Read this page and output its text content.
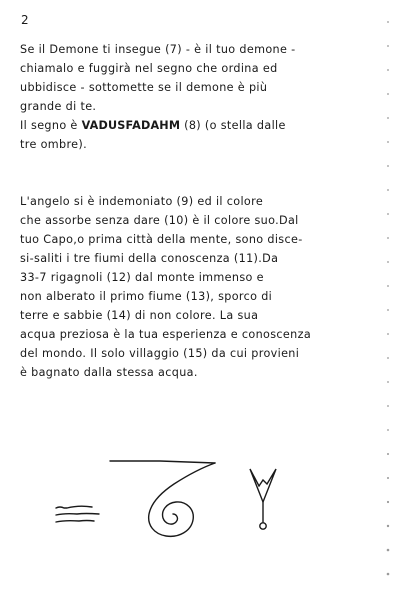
2

Se il Demone ti insegue (7) - è il tuo demone -
chiamalo e fuggirà nel segno che ordina ed
ubbidisce - sottomette se il demone è più
grande di te.
Il segno è VADUSFADAHM (8) (o stella dalle
tre ombre).

L'angelo si è indemoniato (9) ed il colore
che assorbe senza dare (10) è il colore suo.Dal
tuo Capo,o prima città della mente, sono disce-
si-saliti i tre fiumi della conoscenza (11).Da
33-7 rigagnoli (12) dal monte immenso e
non alberato il primo fiume (13), sporco di
terre e sabbie (14) di non colore. La sua
acqua preziosa è la tua esperienza e conoscenza
del mondo. Il solo villaggio (15) da cui provieni
è bagnato dalla stessa acqua.
